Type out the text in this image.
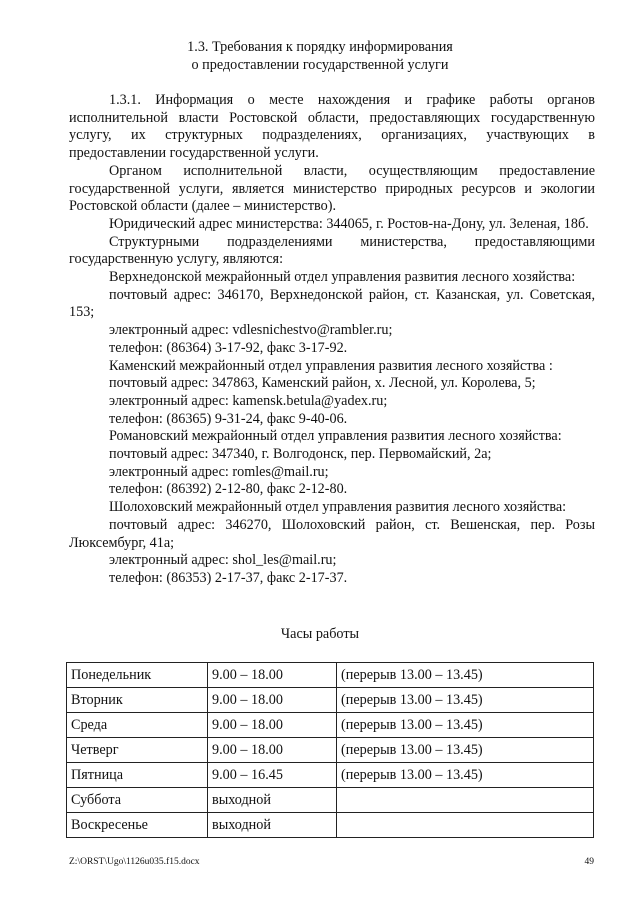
1.3. Требования к порядку информирования
о предоставлении государственной услуги

1.3.1. Информация о месте нахождения и графике работы органов исполнительной власти Ростовской области, предоставляющих государственную услугу, их структурных подразделениях, организациях, участвующих в предоставлении государственной услуги.

Органом исполнительной власти, осуществляющим предоставление государственной услуги, является министерство природных ресурсов и экологии Ростовской области (далее – министерство).

Юридический адрес министерства: 344065, г. Ростов-на-Дону, ул. Зеленая, 18б.

Структурными подразделениями министерства, предоставляющими государственную услугу, являются:

Верхнедонской межрайонный отдел управления развития лесного хозяйства:

почтовый адрес: 346170, Верхнедонской район, ст. Казанская, ул. Советская, 153;

электронный адрес: vdlesnichestvo@rambler.ru;

телефон: (86364) 3-17-92, факс 3-17-92.

Каменский межрайонный отдел управления развития лесного хозяйства :

почтовый адрес: 347863, Каменский район, х. Лесной, ул. Королева, 5;

электронный адрес: kamensk.betula@yadex.ru;

телефон: (86365) 9-31-24, факс 9-40-06.

Романовский межрайонный отдел управления развития лесного хозяйства:

почтовый адрес: 347340, г. Волгодонск, пер. Первомайский, 2а;

электронный адрес: romles@mail.ru;

телефон: (86392) 2-12-80, факс 2-12-80.

Шолоховский межрайонный отдел управления развития лесного хозяйства:

почтовый адрес: 346270, Шолоховский район, ст. Вешенская, пер. Розы Люксембург, 41а;

электронный адрес: shol_les@mail.ru;

телефон: (86353) 2-17-37, факс 2-17-37.

Часы работы
Понедельник	9.00 – 18.00	(перерыв 13.00 – 13.45)
Вторник	9.00 – 18.00	(перерыв 13.00 – 13.45)
Среда	9.00 – 18.00	(перерыв 13.00 – 13.45)
Четверг	9.00 – 18.00	(перерыв 13.00 – 13.45)
Пятница	9.00 – 16.45	(перерыв 13.00 – 13.45)
Суббота	выходной	
Воскресенье	выходной	
Z:\ORST\Ugo\1126u035.f15.docx	49
